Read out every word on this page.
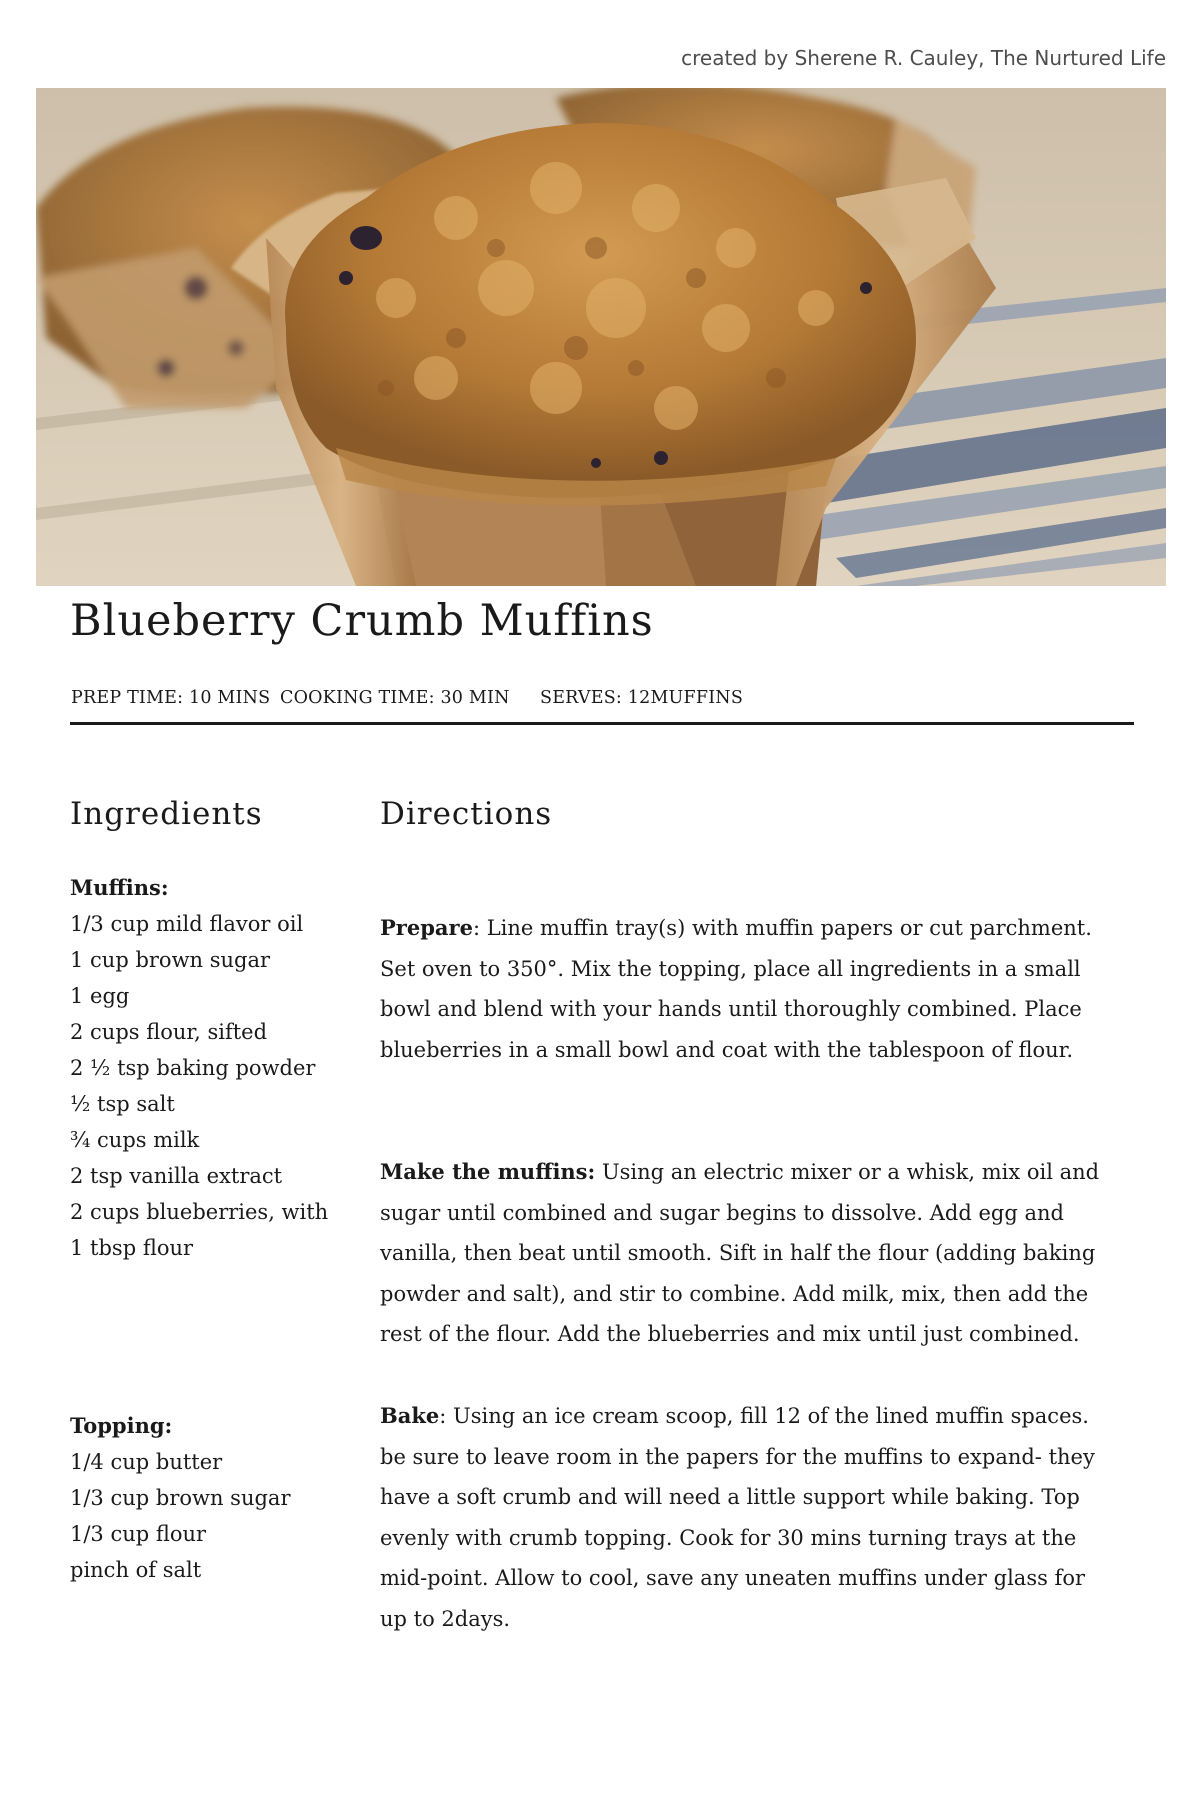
created by Sherene R. Cauley, The Nurtured Life
Blueberry Crumb Muffins
PREP TIME: 10 MINS COOKING TIME: 30 MIN SERVES: 12MUFFINS
Ingredients	Directions
Muffins:
1/3 cup mild flavor oil
1 cup brown sugar
1 egg
2 cups flour, sifted
2 ½ tsp baking powder
½ tsp salt
¾ cups milk
2 tsp vanilla extract
2 cups blueberries, with 1 tbsp flour
Topping:
1/4 cup butter
1/3 cup brown sugar
1/3 cup flour
pinch of salt

Prepare: Line muffin tray(s) with muffin papers or cut parchment. Set oven to 350°. Mix the topping, place all ingredients in a small bowl and blend with your hands until thoroughly combined. Place blueberries in a small bowl and coat with the tablespoon of flour.

Make the muffins: Using an electric mixer or a whisk, mix oil and sugar until combined and sugar begins to dissolve. Add egg and vanilla, then beat until smooth. Sift in half the flour (adding baking powder and salt), and stir to combine. Add milk, mix, then add the rest of the flour. Add the blueberries and mix until just combined.

Bake: Using an ice cream scoop, fill 12 of the lined muffin spaces. be sure to leave room in the papers for the muffins to expand- they have a soft crumb and will need a little support while baking. Top evenly with crumb topping. Cook for 30 mins turning trays at the mid-point. Allow to cool, save any uneaten muffins under glass for up to 2days.
